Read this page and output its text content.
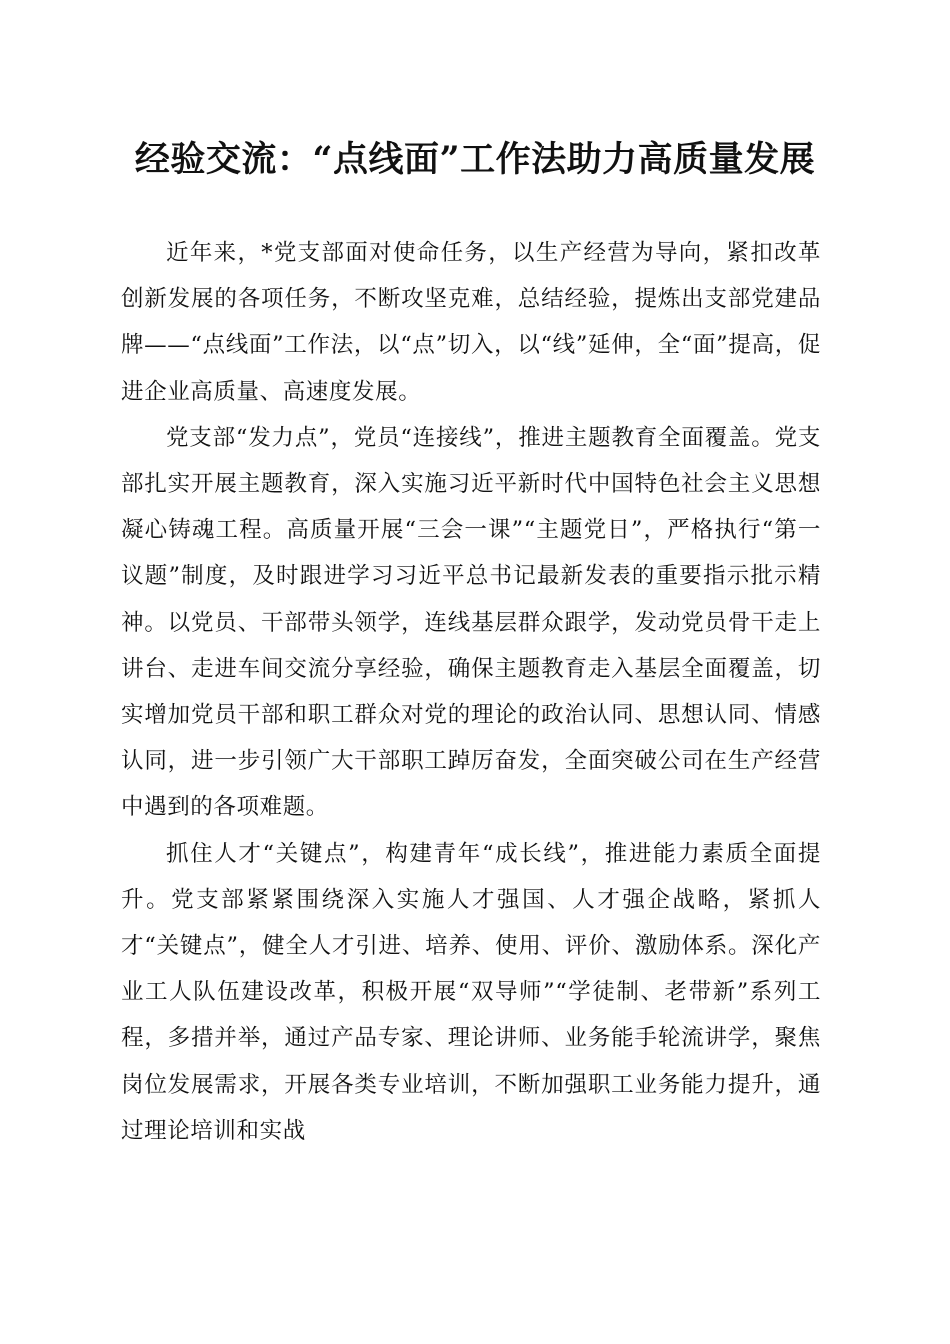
经验交流：“点线面”工作法助力高质量发展

近年来，*党支部面对使命任务，以生产经营为导向，紧扣改革创新发展的各项任务，不断攻坚克难，总结经验，提炼出支部党建品牌——“点线面”工作法，以“点”切入，以“线”延伸，全“面”提高，促进企业高质量、高速度发展。

党支部“发力点”，党员“连接线”，推进主题教育全面覆盖。党支部扎实开展主题教育，深入实施习近平新时代中国特色社会主义思想凝心铸魂工程。高质量开展“三会一课”“主题党日”，严格执行“第一议题”制度，及时跟进学习习近平总书记最新发表的重要指示批示精神。以党员、干部带头领学，连线基层群众跟学，发动党员骨干走上讲台、走进车间交流分享经验，确保主题教育走入基层全面覆盖，切实增加党员干部和职工群众对党的理论的政治认同、思想认同、情感认同，进一步引领广大干部职工踔厉奋发，全面突破公司在生产经营中遇到的各项难题。

抓住人才“关键点”，构建青年“成长线”，推进能力素质全面提升。党支部紧紧围绕深入实施人才强国、人才强企战略，紧抓人才“关键点”，健全人才引进、培养、使用、评价、激励体系。深化产业工人队伍建设改革，积极开展“双导师”“学徒制、老带新”系列工程，多措并举，通过产品专家、理论讲师、业务能手轮流讲学，聚焦岗位发展需求，开展各类专业培训，不断加强职工业务能力提升，通过理论培训和实战
